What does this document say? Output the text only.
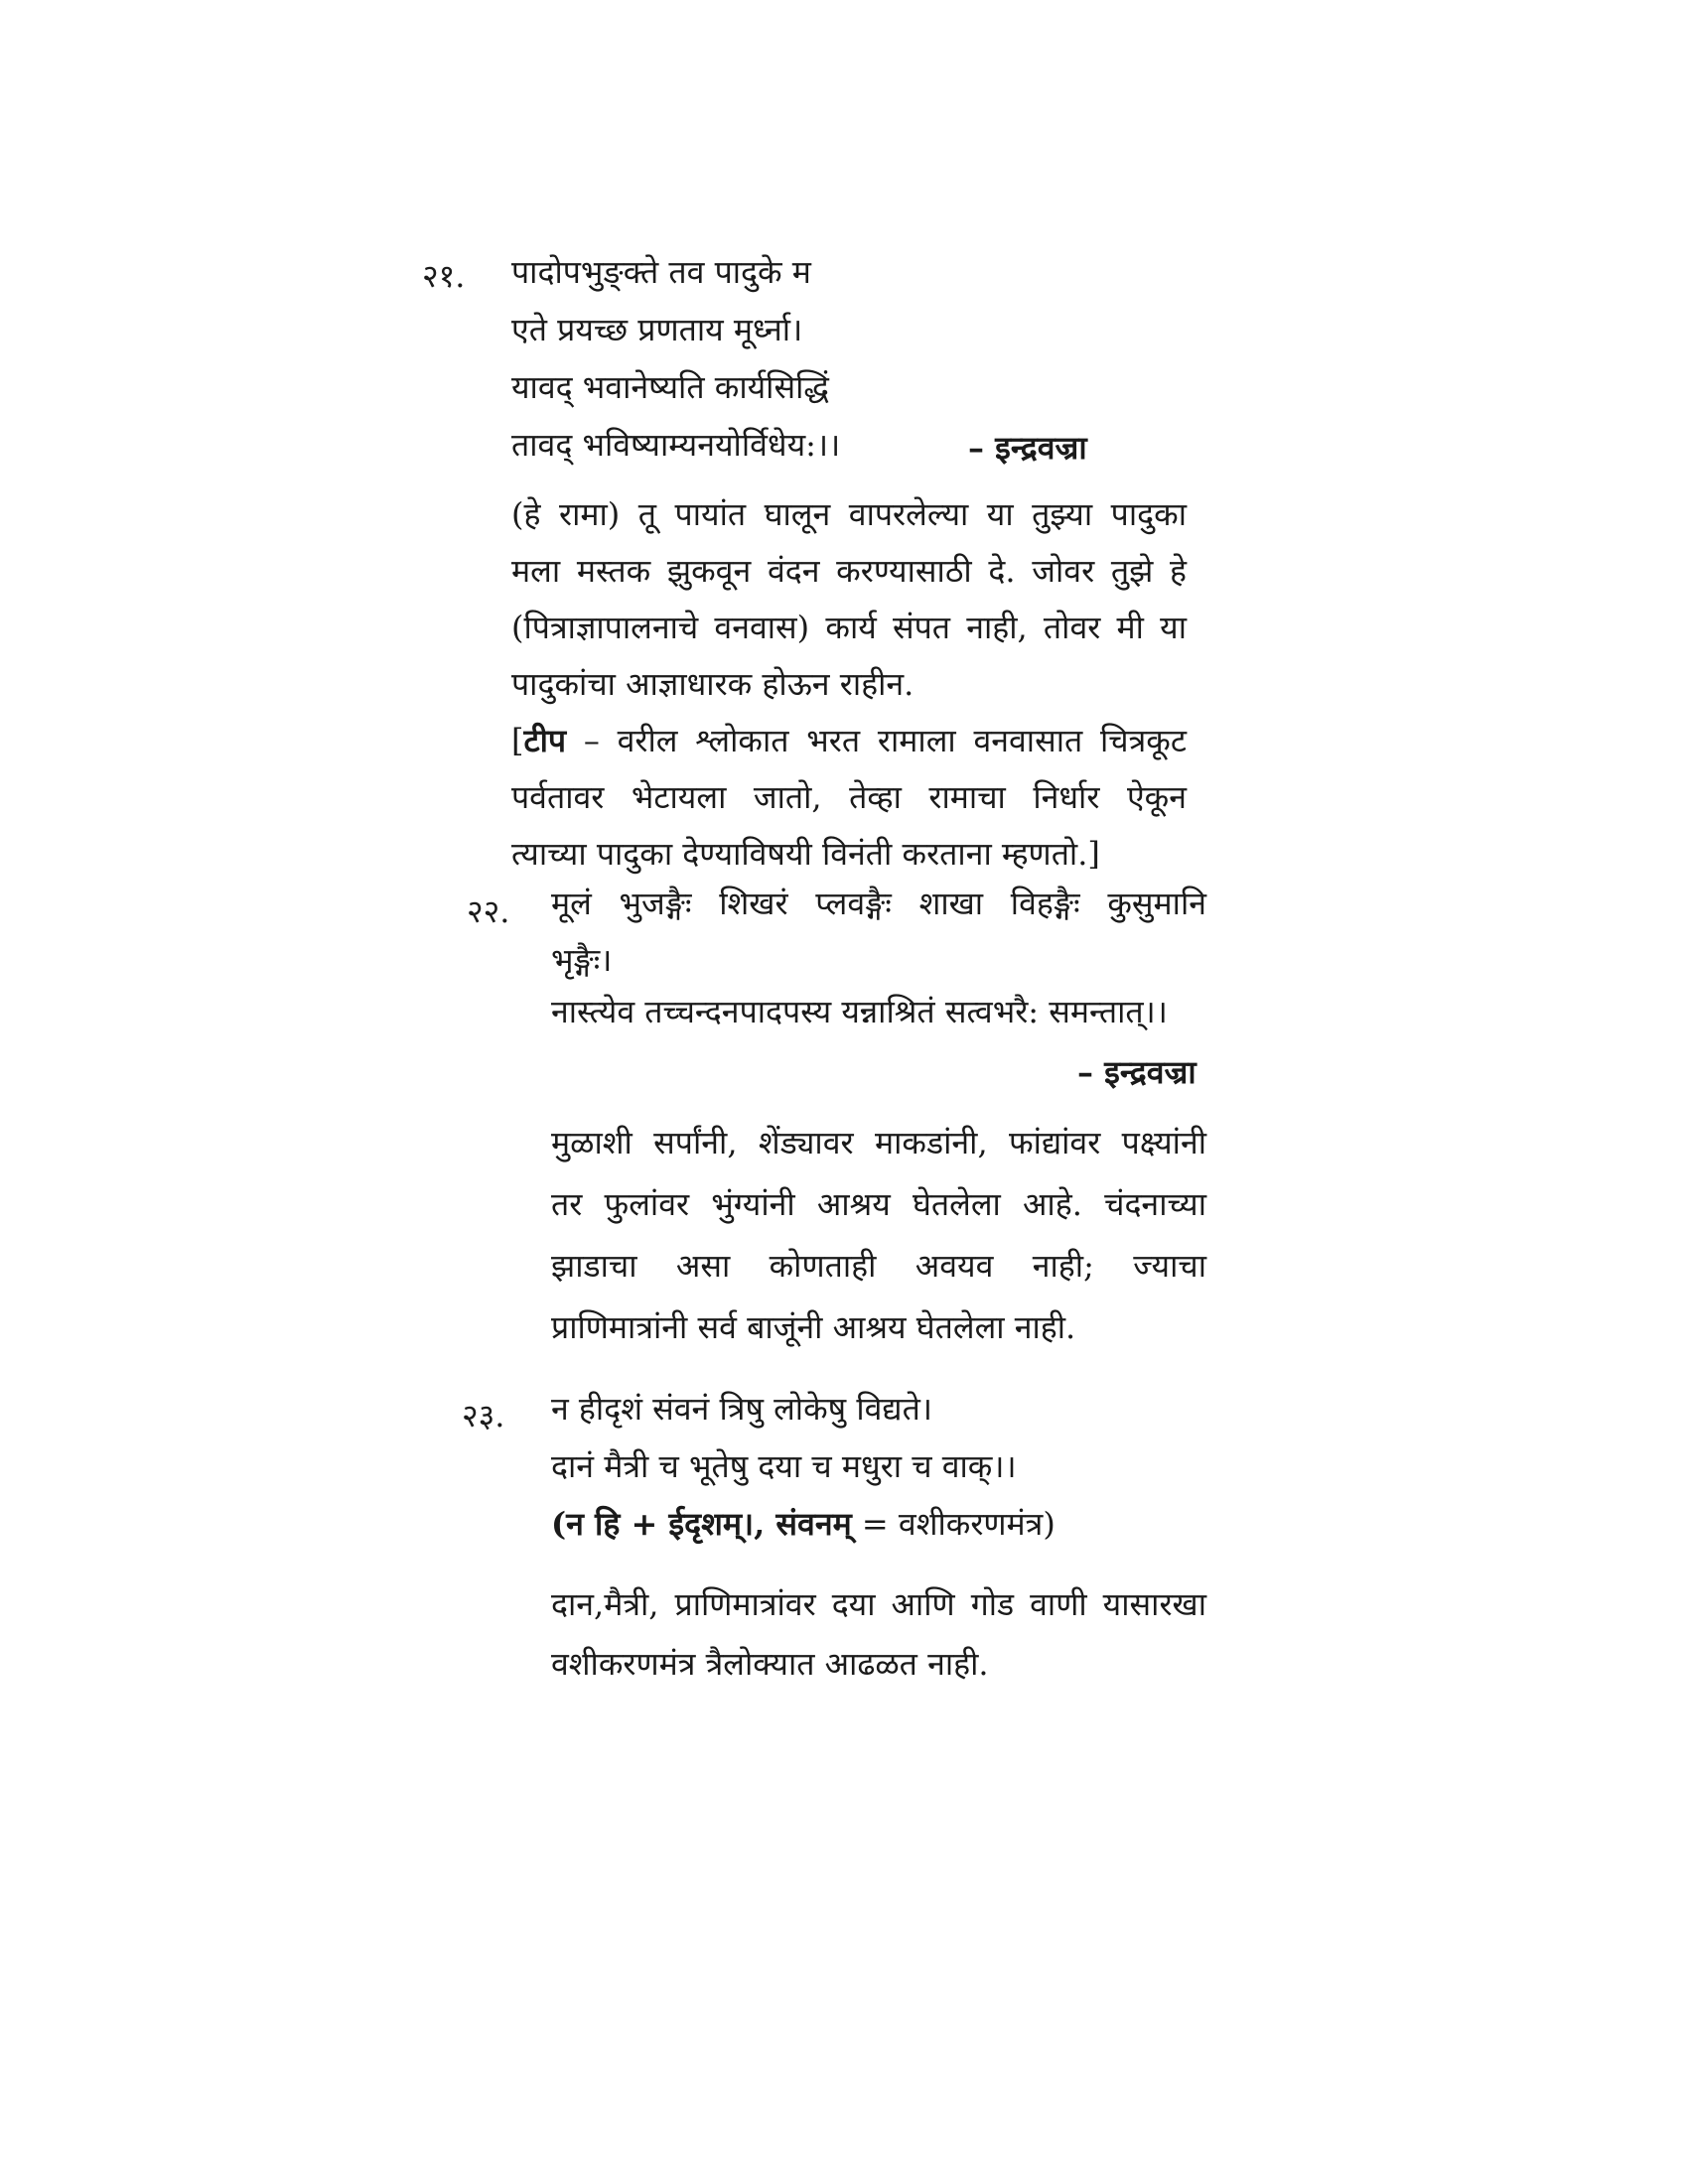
२१. पादोपभुङ्क्ते तव पादुके म
एते प्रयच्छ प्रणताय मूर्ध्ना।
यावद् भवानेष्यति कार्यसिद्धिं
तावद् भविष्याम्यनयोर्विधेय:।।	– इन्द्रवज्रा
(हे रामा) तू पायांत घालून वापरलेल्या या तुझ्या पादुका
मला मस्तक झुकवून वंदन करण्यासाठी दे. जोवर तुझे हे
(पित्राज्ञापालनाचे वनवास) कार्य संपत नाही, तोवर मी या
पादुकांचा आज्ञाधारक होऊन राहीन.
[टीप – वरील श्लोकात भरत रामाला वनवासात चित्रकूट
पर्वतावर भेटायला जातो, तेव्हा रामाचा निर्धार ऐकून
त्याच्या पादुका देण्याविषयी विनंती करताना म्हणतो.]
२२. मूलं भुजङ्गैः शिखरं प्लवङ्गैः शाखा विहङ्गैः कुसुमानि
भृङ्गैः।
नास्त्येव तच्चन्दनपादपस्य यन्नाश्रितं सत्वभरै: समन्तात्।।
– इन्द्रवज्रा
मुळाशी सर्पांनी, शेंड्यावर माकडांनी, फांद्यांवर पक्ष्यांनी
तर फुलांवर भुंग्यांनी आश्रय घेतलेला आहे. चंदनाच्या
झाडाचा असा कोणताही अवयव नाही; ज्याचा
प्राणिमात्रांनी सर्व बाजूंनी आश्रय घेतलेला नाही.
२३. न हीदृशं संवनं त्रिषु लोकेषु विद्यते।
दानं मैत्री च भूतेषु दया च मधुरा च वाक्।।
(न हि + ईदृशम्।, संवनम् = वशीकरणमंत्र)
दान,मैत्री, प्राणिमात्रांवर दया आणि गोड वाणी यासारखा
वशीकरणमंत्र त्रैलोक्यात आढळत नाही.
